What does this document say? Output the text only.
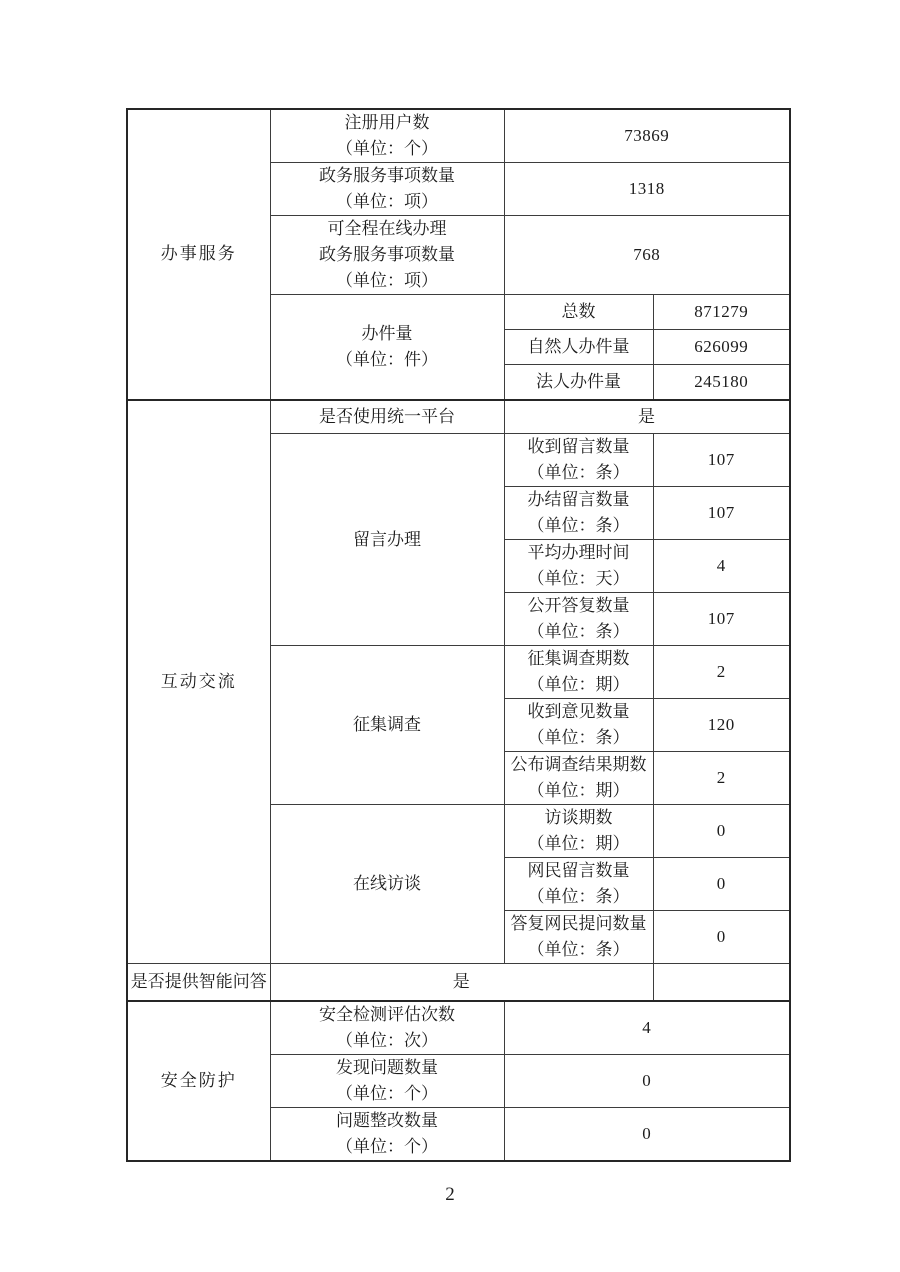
办事服务	注册用户数
（单位：个）	73869	

	政务服务事项数量
（单位：项）	1318	

	可全程在线办理
政务服务事项数量
（单位：项）	768	

	办件量
（单位：件）	总数	871279
		自然人办件量	626099
		法人办件量	245180
互动交流	是否使用统一平台	是	
	留言办理	收到留言数量
（单位：条）	107

		办结留言数量
（单位：条）	107

		平均办理时间
（单位：天）	4

		公开答复数量
（单位：条）	107
	征集调查	征集调查期数
（单位：期）	2

		收到意见数量
（单位：条）	120

		公布调查结果期数
（单位：期）	2
	在线访谈	访谈期数
（单位：期）	0

		网民留言数量
（单位：条）	0

		答复网民提问数量
（单位：条）	0
是否提供智能问答	是		
安全防护	安全检测评估次数
（单位：次）	4	

	发现问题数量
（单位：个）	0	

	问题整改数量
（单位：个）	0	
2
